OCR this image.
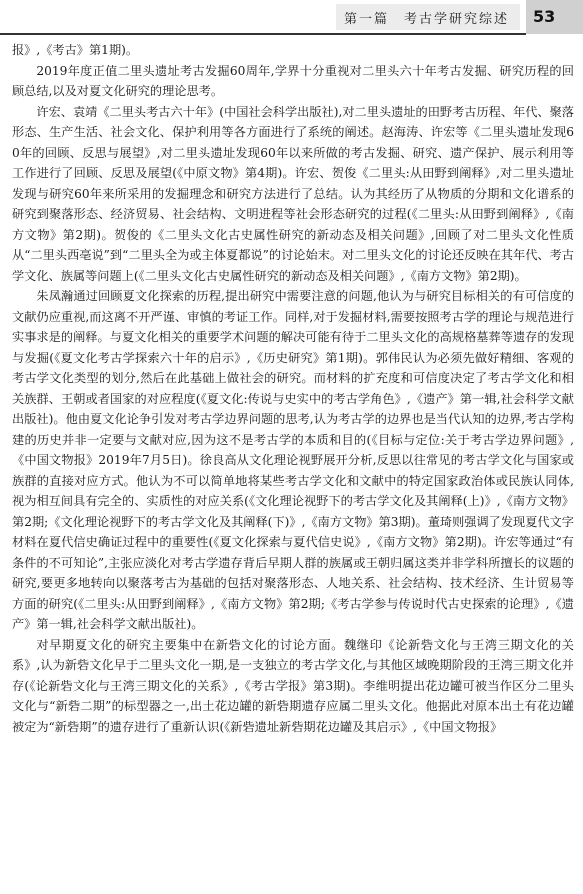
第一篇　考古学研究综述 53

报》,《考古》第1期)。

2019年度正值二里头遗址考古发掘60周年,学界十分重视对二里头六十年考古发掘、研究历程的回顾总结,以及对夏文化研究的理论思考。

许宏、袁靖《二里头考古六十年》(中国社会科学出版社),对二里头遗址的田野考古历程、年代、聚落形态、生产生活、社会文化、保护利用等各方面进行了系统的阐述。赵海涛、许宏等《二里头遗址发现60年的回顾、反思与展望》,对二里头遗址发现60年以来所做的考古发掘、研究、遗产保护、展示利用等工作进行了回顾、反思及展望(《中原文物》第4期)。许宏、贺俊《二里头:从田野到阐释》,对二里头遗址发现与研究60年来所采用的发掘理念和研究方法进行了总结。认为其经历了从物质的分期和文化谱系的研究到聚落形态、经济贸易、社会结构、文明进程等社会形态研究的过程(《二里头:从田野到阐释》,《南方文物》第2期)。贺俊的《二里头文化古史属性研究的新动态及相关问题》,回顾了对二里头文化性质从“二里头西亳说”到“二里头全为或主体夏都说”的讨论始末。对二里头文化的讨论还反映在其年代、考古学文化、族属等问题上(《二里头文化古史属性研究的新动态及相关问题》,《南方文物》第2期)。

朱凤瀚通过回顾夏文化探索的历程,提出研究中需要注意的问题,他认为与研究目标相关的有可信度的文献仍应重视,而这离不开严谨、审慎的考证工作。同样,对于发掘材料,需要按照考古学的理论与规范进行实事求是的阐释。与夏文化相关的重要学术问题的解决可能有待于二里头文化的高规格墓葬等遗存的发现与发掘(《夏文化考古学探索六十年的启示》,《历史研究》第1期)。郭伟民认为必须先做好精细、客观的考古学文化类型的划分,然后在此基础上做社会的研究。而材料的扩充度和可信度决定了考古学文化和相关族群、王朝或者国家的对应程度(《夏文化:传说与史实中的考古学角色》,《遗产》第一辑,社会科学文献出版社)。他由夏文化论争引发对考古学边界问题的思考,认为考古学的边界也是当代认知的边界,考古学构建的历史并非一定要与文献对应,因为这不是考古学的本质和目的(《目标与定位:关于考古学边界问题》,《中国文物报》2019年7月5日)。徐良高从文化理论视野展开分析,反思以往常见的考古学文化与国家或族群的直接对应方式。他认为不可以简单地将某些考古学文化和文献中的特定国家政治体或民族认同体,视为相互间具有完全的、实质性的对应关系(《文化理论视野下的考古学文化及其阐释(上)》,《南方文物》第2期;《文化理论视野下的考古学文化及其阐释(下)》,《南方文物》第3期)。董琦则强调了发现夏代文字材料在夏代信史确证过程中的重要性(《夏文化探索与夏代信史说》,《南方文物》第2期)。许宏等通过“有条件的不可知论”,主张应淡化对考古学遗存背后早期人群的族属或王朝归属这类并非学科所擅长的议题的研究,要更多地转向以聚落考古为基础的包括对聚落形态、人地关系、社会结构、技术经济、生计贸易等方面的研究(《二里头:从田野到阐释》,《南方文物》第2期;《考古学参与传说时代古史探索的论理》,《遗产》第一辑,社会科学文献出版社)。

对早期夏文化的研究主要集中在新砦文化的讨论方面。魏继印《论新砦文化与王湾三期文化的关系》,认为新砦文化早于二里头文化一期,是一支独立的考古学文化,与其他区域晚期阶段的王湾三期文化并存(《论新砦文化与王湾三期文化的关系》,《考古学报》第3期)。李维明提出花边罐可被当作区分二里头文化与“新砦二期”的标型器之一,出土花边罐的新砦期遗存应属二里头文化。他据此对原本出土有花边罐被定为“新砦期”的遗存进行了重新认识(《新砦遗址新砦期花边罐及其启示》,《中国文物报》
